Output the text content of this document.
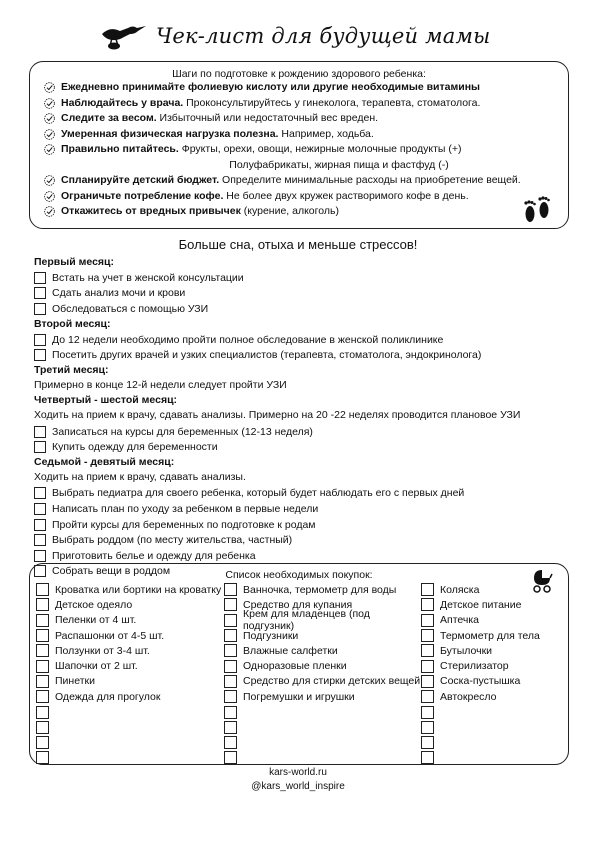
Чек-лист для будущей мамы
Шаги по подготовке к рождению здорового ребенка:
Ежедневно принимайте фолиевую кислоту или другие необходимые витамины
Наблюдайтесь у врача. Проконсультируйтесь у гинеколога, терапевта, стоматолога.
Следите за весом. Избыточный или недостаточный вес вреден.
Умеренная физическая нагрузка полезна. Например, ходьба.
Правильно питайтесь. Фрукты, орехи, овощи, нежирные молочные продукты (+)
Полуфабрикаты, жирная пища и фастфуд (-)
Спланируйте детский бюджет. Определите минимальные расходы на приобретение вещей.
Ограничьте потребление кофе. Не более двух кружек растворимого кофе в день.
Откажитесь от вредных привычек (курение, алкоголь)
Больше сна, отыха и меньше стрессов!
Первый месяц:
Встать на учет в женской консультации
Сдать анализ мочи и крови
Обследоваться с помощью УЗИ
Второй месяц:
До 12 недели необходимо пройти полное обследование в женской поликлинике
Посетить других врачей и узких специалистов (терапевта, стоматолога, эндокринолога)
Третий месяц:
Примерно в конце 12-й недели следует пройти УЗИ
Четвертый - шестой месяц:
Ходить на прием к врачу, сдавать анализы. Примерно на 20 -22 неделях проводится плановое УЗИ
Записаться на курсы для беременных (12-13 неделя)
Купить одежду для беременности
Седьмой - девятый месяц:
Ходить на прием к врачу, сдавать анализы.
Выбрать педиатра для своего ребенка, который будет наблюдать его с первых дней
Написать план по уходу за ребенком в первые недели
Пройти курсы для беременных по подготовке к родам
Выбрать роддом (по месту жительства, частный)
Приготовить белье и одежду для ребенка
Собрать вещи в роддом	Список необходимых покупок:
Кроватка или бортики на кроватку
Детское одеяло
Пеленки от 4 шт.
Распашонки от 4-5 шт.
Ползунки от 3-4 шт.
Шапочки от 2 шт.
Пинетки
Одежда для прогулок
Ванночка, термометр для воды
Средство для купания
Крем для младенцев (под подгузник)
Подгузники
Влажные салфетки
Одноразовые пленки
Средство для стирки детских вещей
Погремушки и игрушки
Коляска
Детское питание
Аптечка
Термометр для тела
Бутылочки
Стерилизатор
Соска-пустышка
Автокресло
kars-world.ru
@kars_world_inspire
